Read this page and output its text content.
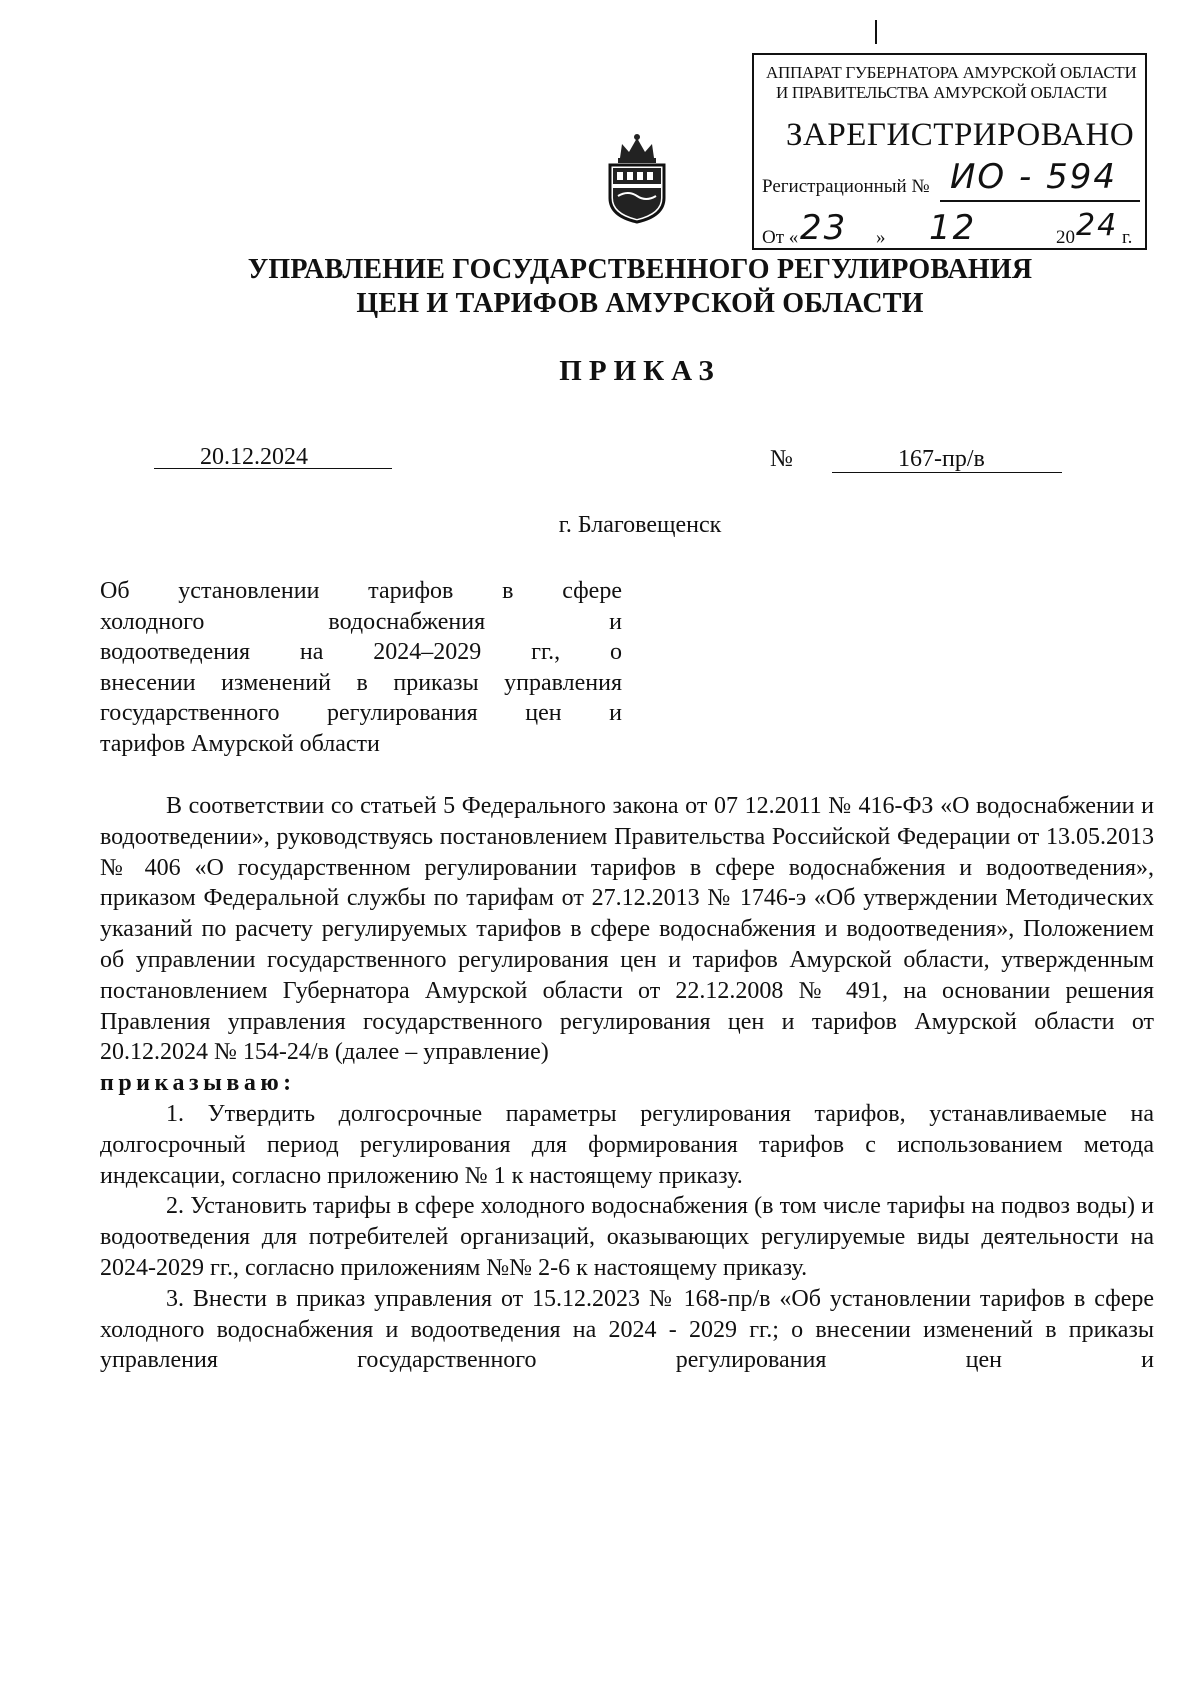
АППАРАТ ГУБЕРНАТОРА АМУРСКОЙ ОБЛАСТИ
И ПРАВИТЕЛЬСТВА АМУРСКОЙ ОБЛАСТИ
ЗАРЕГИСТРИРОВАНО
Регистрационный № ИО - 594
От « 23 » 12	20 24 г.
УПРАВЛЕНИЕ ГОСУДАРСТВЕННОГО РЕГУЛИРОВАНИЯ
ЦЕН И ТАРИФОВ АМУРСКОЙ ОБЛАСТИ
ПРИКАЗ
20.12.2024	№	167-пр/в
г. Благовещенск
Об установлении тарифов в сфере
холодного водоснабжения и
водоотведения на 2024–2029 гг., о
внесении изменений в приказы управления
государственного регулирования цен и
тарифов Амурской области
В соответствии со статьей 5 Федерального закона от 07 12.2011 № 416-ФЗ «О водоснабжении и водоотведении», руководствуясь постановлением Правительства Российской Федерации от 13.05.2013 № 406 «О государственном регулировании тарифов в сфере водоснабжения и водоотведения», приказом Федеральной службы по тарифам от 27.12.2013 № 1746-э «Об утверждении Методических указаний по расчету регулируемых тарифов в сфере водоснабжения и водоотведения», Положением об управлении государственного регулирования цен и тарифов Амурской области, утвержденным постановлением Губернатора Амурской области от 22.12.2008 № 491, на основании решения Правления управления государственного регулирования цен и тарифов Амурской области от 20.12.2024 № 154-24/в (далее – управление)
приказываю:
1. Утвердить долгосрочные параметры регулирования тарифов, устанавливаемые на долгосрочный период регулирования для формирования тарифов с использованием метода индексации, согласно приложению № 1 к настоящему приказу.
2. Установить тарифы в сфере холодного водоснабжения (в том числе тарифы на подвоз воды) и водоотведения для потребителей организаций, оказывающих регулируемые виды деятельности на 2024-2029 гг., согласно приложениям №№ 2-6 к настоящему приказу.
3. Внести в приказ управления от 15.12.2023 № 168-пр/в «Об установлении тарифов в сфере холодного водоснабжения и водоотведения на 2024 - 2029 гг.; о внесении изменений в приказы управления государственного регулирования цен и
